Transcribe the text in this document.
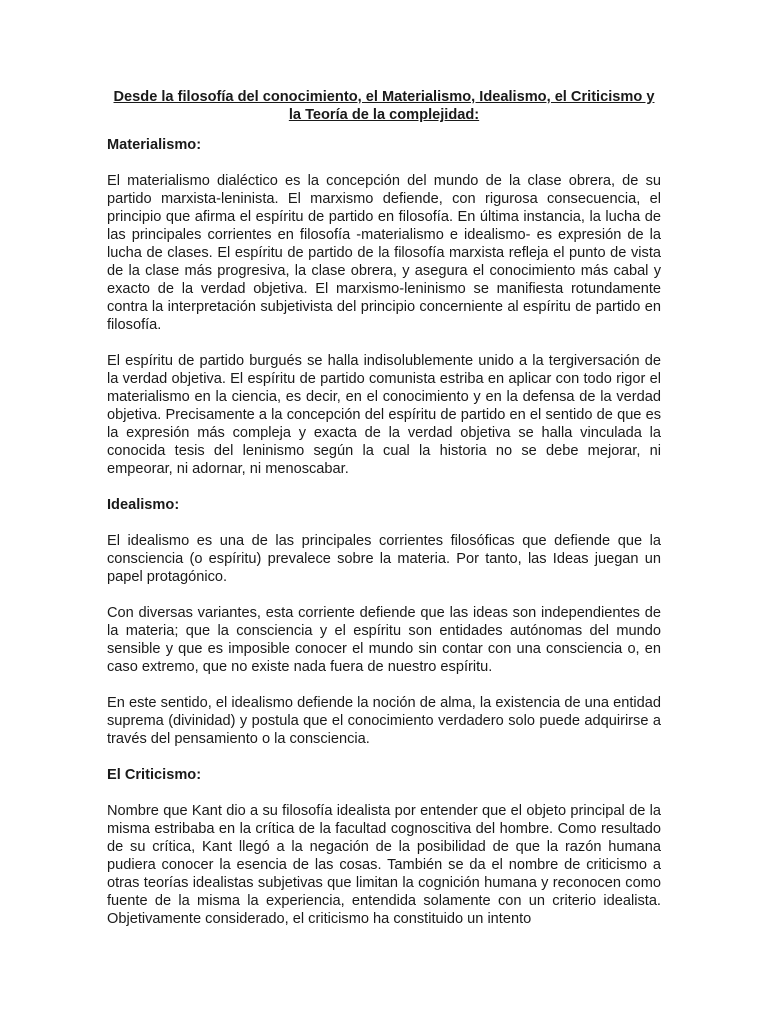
Desde la filosofía del conocimiento, el Materialismo, Idealismo, el Criticismo y la Teoría de la complejidad:
Materialismo:

El materialismo dialéctico es la concepción del mundo de la clase obrera, de su partido marxista-leninista. El marxismo defiende, con rigurosa consecuencia, el principio que afirma el espíritu de partido en filosofía. En última instancia, la lucha de las principales corrientes en filosofía -materialismo e idealismo- es expresión de la lucha de clases. El espíritu de partido de la filosofía marxista refleja el punto de vista de la clase más progresiva, la clase obrera, y asegura el conocimiento más cabal y exacto de la verdad objetiva. El marxismo-leninismo se manifiesta rotundamente contra la interpretación subjetivista del principio concerniente al espíritu de partido en filosofía.

El espíritu de partido burgués se halla indisolublemente unido a la tergiversación de la verdad objetiva. El espíritu de partido comunista estriba en aplicar con todo rigor el materialismo en la ciencia, es decir, en el conocimiento y en la defensa de la verdad objetiva. Precisamente a la concepción del espíritu de partido en el sentido de que es la expresión más compleja y exacta de la verdad objetiva se halla vinculada la conocida tesis del leninismo según la cual la historia no se debe mejorar, ni empeorar, ni adornar, ni menoscabar.

Idealismo:

El idealismo es una de las principales corrientes filosóficas que defiende que la consciencia (o espíritu) prevalece sobre la materia. Por tanto, las Ideas juegan un papel protagónico.

Con diversas variantes, esta corriente defiende que las ideas son independientes de la materia; que la consciencia y el espíritu son entidades autónomas del mundo sensible y que es imposible conocer el mundo sin contar con una consciencia o, en caso extremo, que no existe nada fuera de nuestro espíritu.

En este sentido, el idealismo defiende la noción de alma, la existencia de una entidad suprema (divinidad) y postula que el conocimiento verdadero solo puede adquirirse a través del pensamiento o la consciencia.

El Criticismo:

Nombre que Kant dio a su filosofía idealista por entender que el objeto principal de la misma estribaba en la crítica de la facultad cognoscitiva del hombre. Como resultado de su crítica, Kant llegó a la negación de la posibilidad de que la razón humana pudiera conocer la esencia de las cosas. También se da el nombre de criticismo a otras teorías idealistas subjetivas que limitan la cognición humana y reconocen como fuente de la misma la experiencia, entendida solamente con un criterio idealista. Objetivamente considerado, el criticismo ha constituido un intento
